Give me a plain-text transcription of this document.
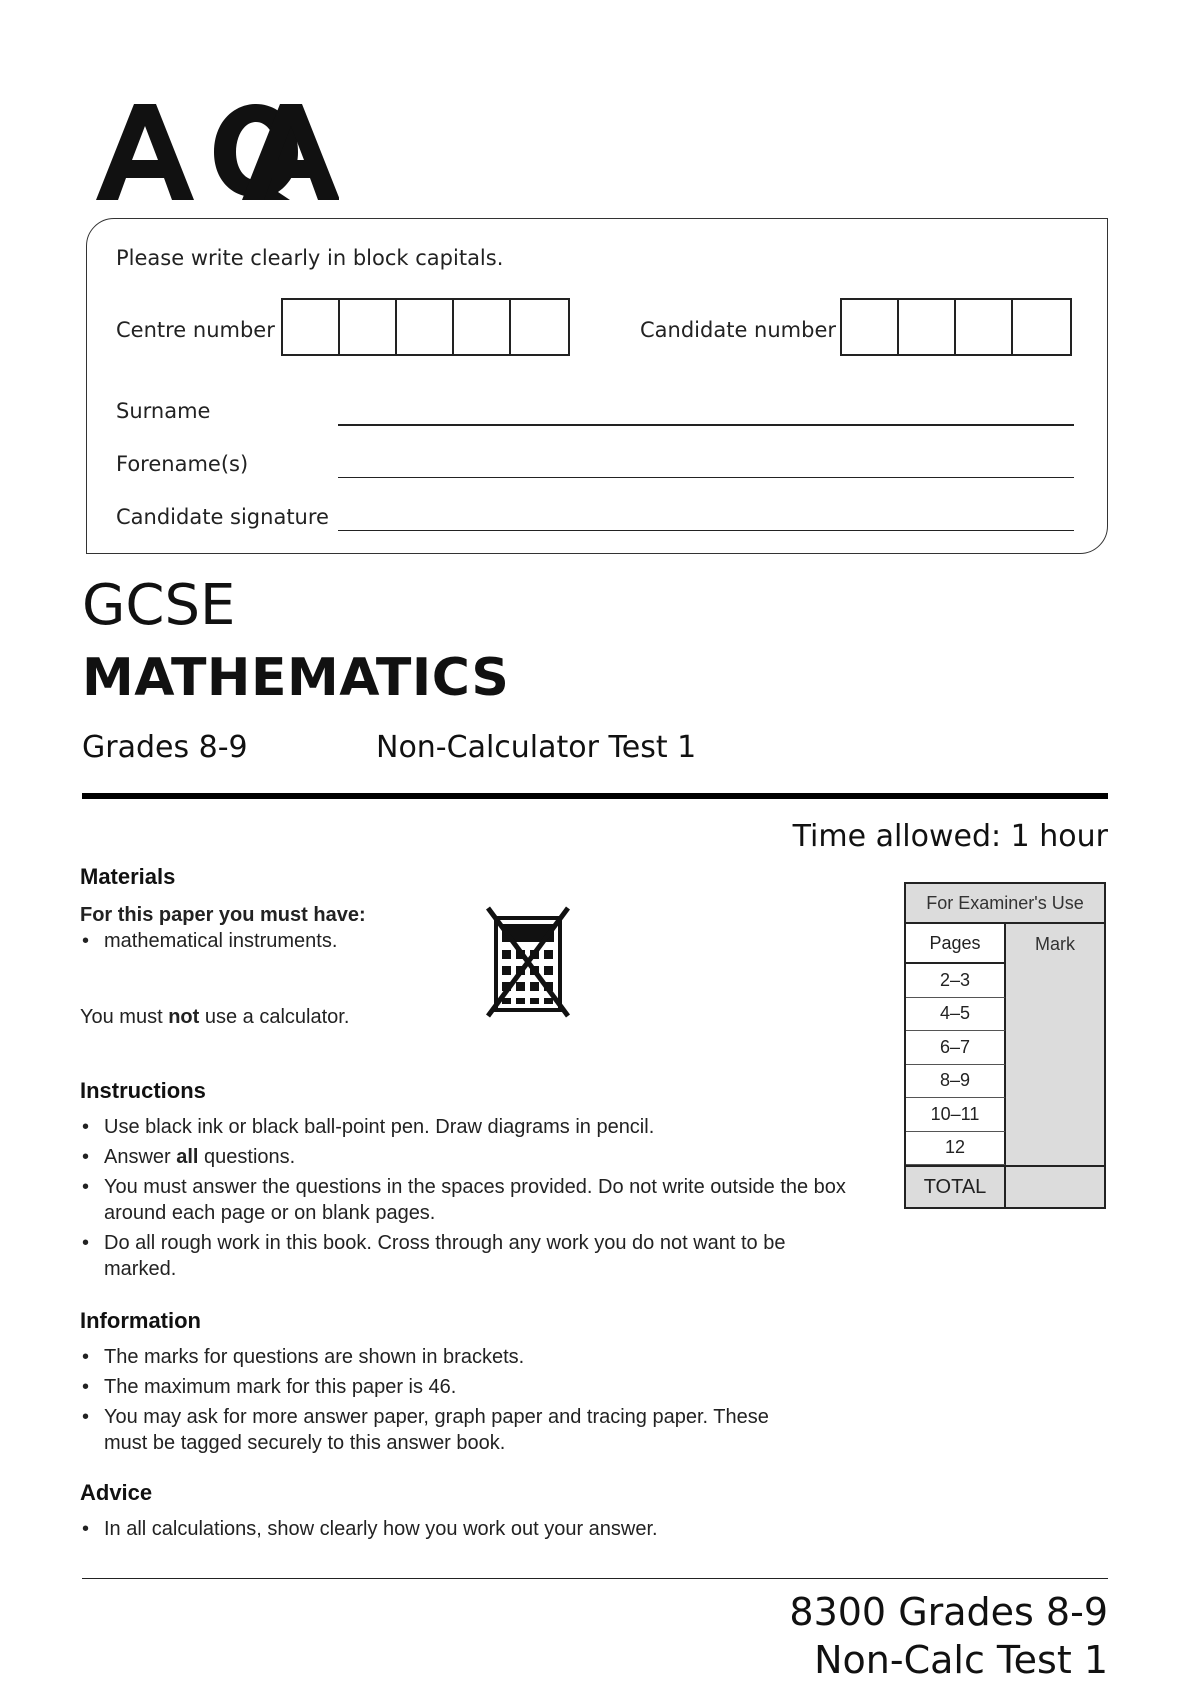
Please write clearly in block capitals.
Centre number	Candidate number
Surname
Forename(s)
Candidate signature
GCSE
MATHEMATICS
Grades 8-9	Non-Calculator Test 1
Time allowed: 1 hour
Materials
For this paper you must have:
• mathematical instruments.
You must not use a calculator.
Instructions
• Use black ink or black ball-point pen. Draw diagrams in pencil.
• Answer all questions.
• You must answer the questions in the spaces provided. Do not write outside the box around each page or on blank pages.
• Do all rough work in this book. Cross through any work you do not want to be marked.
Information
• The marks for questions are shown in brackets.
• The maximum mark for this paper is 46.
• You may ask for more answer paper, graph paper and tracing paper. These must be tagged securely to this answer book.
Advice
• In all calculations, show clearly how you work out your answer.
For Examiner's Use
Pages	Mark
2–3
4–5
6–7
8–9
10–11
12
TOTAL
8300 Grades 8-9
Non-Calc Test 1
